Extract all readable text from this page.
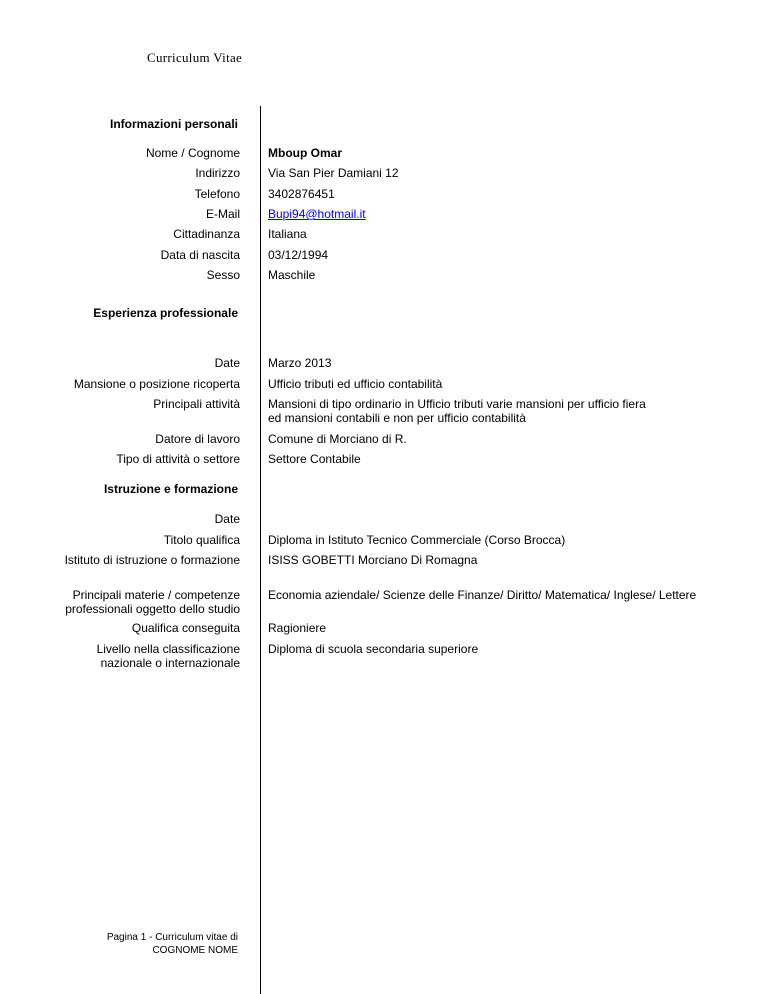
Curriculum Vitae
Informazioni personali
Nome / Cognome Mboup Omar
Indirizzo Via San Pier Damiani 12
Telefono 3402876451
E-Mail Bupi94@hotmail.it
Cittadinanza Italiana
Data di nascita 03/12/1994
Sesso Maschile
Esperienza professionale
Date Marzo 2013
Mansione o posizione ricoperta Ufficio tributi ed ufficio contabilità
Principali attività Mansioni di tipo ordinario in Ufficio tributi varie mansioni per ufficio fiera
ed mansioni contabili e non per ufficio contabilità
Datore di lavoro Comune di Morciano di R.
Tipo di attività o settore Settore Contabile
Istruzione e formazione
Date
Titolo qualifica Diploma in Istituto Tecnico Commerciale (Corso Brocca)
Istituto di istruzione o formazione ISISS GOBETTI Morciano Di Romagna
Principali materie / competenze
professionali oggetto dello studio
Economia aziendale/ Scienze delle Finanze/ Diritto/ Matematica/ Inglese/ Lettere
Qualifica conseguita Ragioniere
Livello nella classificazione
nazionale o internazionale
Diploma di scuola secondaria superiore
Pagina 1 - Curriculum vitae di
COGNOME NOME
